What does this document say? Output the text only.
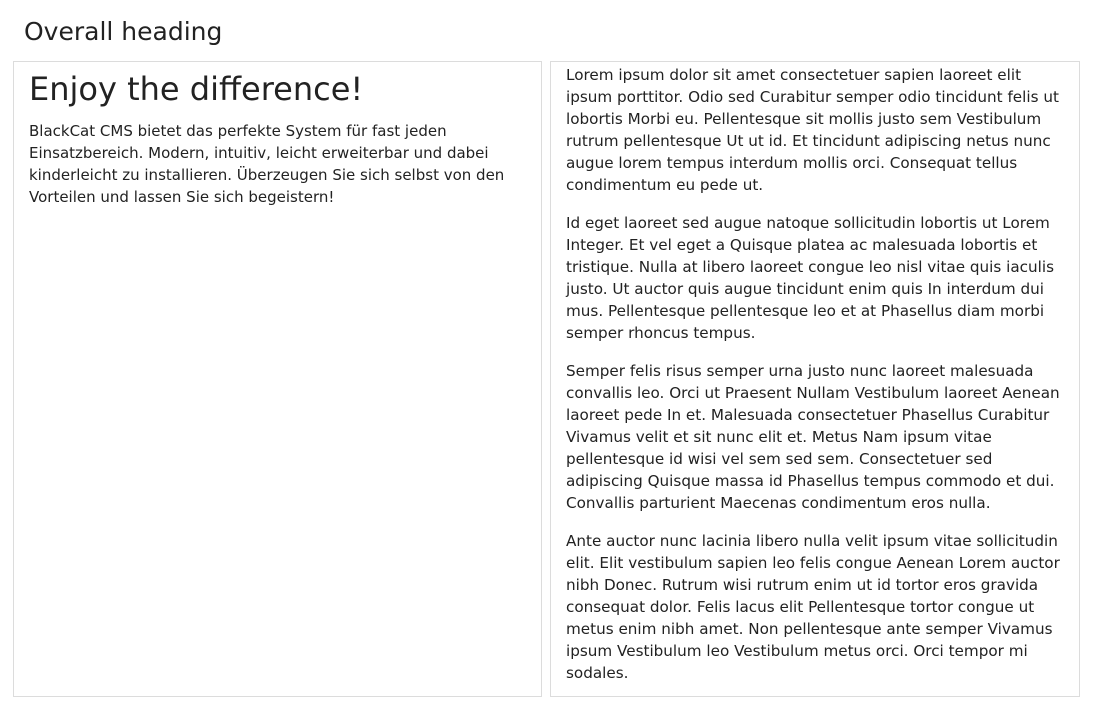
Overall heading
Enjoy the difference!

BlackCat CMS bietet das perfekte System für fast jeden Einsatzbereich. Modern, intuitiv, leicht erweiterbar und dabei kinderleicht zu installieren. Überzeugen Sie sich selbst von den Vorteilen und lassen Sie sich begeistern!

Lorem ipsum dolor sit amet consectetuer sapien laoreet elit ipsum porttitor. Odio sed Curabitur semper odio tincidunt felis ut lobortis Morbi eu. Pellentesque sit mollis justo sem Vestibulum rutrum pellentesque Ut ut id. Et tincidunt adipiscing netus nunc augue lorem tempus interdum mollis orci. Consequat tellus condimentum eu pede ut.

Id eget laoreet sed augue natoque sollicitudin lobortis ut Lorem Integer. Et vel eget a Quisque platea ac malesuada lobortis et tristique. Nulla at libero laoreet congue leo nisl vitae quis iaculis justo. Ut auctor quis augue tincidunt enim quis In interdum dui mus. Pellentesque pellentesque leo et at Phasellus diam morbi semper rhoncus tempus.

Semper felis risus semper urna justo nunc laoreet malesuada convallis leo. Orci ut Praesent Nullam Vestibulum laoreet Aenean laoreet pede In et. Malesuada consectetuer Phasellus Curabitur Vivamus velit et sit nunc elit et. Metus Nam ipsum vitae pellentesque id wisi vel sem sed sem. Consectetuer sed adipiscing Quisque massa id Phasellus tempus commodo et dui. Convallis parturient Maecenas condimentum eros nulla.

Ante auctor nunc lacinia libero nulla velit ipsum vitae sollicitudin elit. Elit vestibulum sapien leo felis congue Aenean Lorem auctor nibh Donec. Rutrum wisi rutrum enim ut id tortor eros gravida consequat dolor. Felis lacus elit Pellentesque tortor congue ut metus enim nibh amet. Non pellentesque ante semper Vivamus ipsum Vestibulum leo Vestibulum metus orci. Orci tempor mi sodales.
